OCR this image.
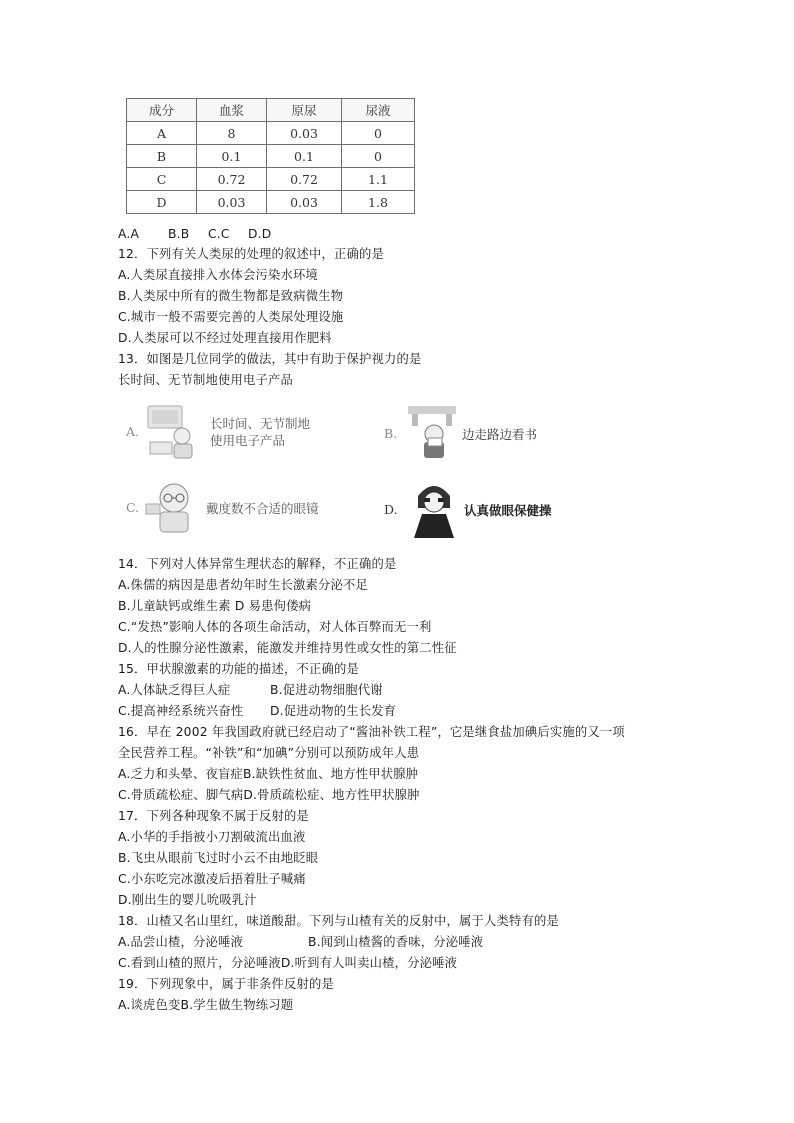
成分	血浆	原尿	尿液
A	8	0.03	0
B	0.1	0.1	0
C	0.72	0.72	1.1
D	0.03	0.03	1.8
A.A B.B C.C D.D
12．下列有关人类尿的处理的叙述中，正确的是
A.人类尿直接排入水体会污染水环境
B.人类尿中所有的微生物都是致病微生物
C.城市一般不需要完善的人类尿处理设施
D.人类尿可以不经过处理直接用作肥料
13．如图是几位同学的做法，其中有助于保护视力的是
长时间、无节制地使用电子产品
A.
长时间、无节制地
使用电子产品	B.	边走路边看书
C.	戴度数不合适的眼镜	D.	认真做眼保健操
14．下列对人体异常生理状态的解释，不正确的是
A.侏儒的病因是患者幼年时生长激素分泌不足
B.儿童缺钙或维生素 D 易患佝偻病
C.“发热”影响人体的各项生命活动，对人体百弊而无一利
D.人的性腺分泌性激素，能激发并维持男性或女性的第二性征
15．甲状腺激素的功能的描述，不正确的是
A.人体缺乏得巨人症	B.促进动物细胞代谢
C.提高神经系统兴奋性 D.促进动物的生长发育
16．早在 2002 年我国政府就已经启动了“酱油补铁工程”，它是继食盐加碘后实施的又一项
全民营养工程。“补铁”和“加碘”分别可以预防成年人患
A.乏力和头晕、夜盲症B.缺铁性贫血、地方性甲状腺肿
C.骨质疏松症、脚气病D.骨质疏松症、地方性甲状腺肿
17．下列各种现象不属于反射的是
A.小华的手指被小刀割破流出血液
B.飞虫从眼前飞过时小云不由地眨眼
C.小东吃完冰激凌后捂着肚子喊痛
D.刚出生的婴儿吮吸乳汁
18．山楂又名山里红，味道酸甜。下列与山楂有关的反射中，属于人类特有的是
A.品尝山楂，分泌唾液	B.闻到山楂酱的香味，分泌唾液
C.看到山楂的照片，分泌唾液D.听到有人叫卖山楂，分泌唾液
19．下列现象中，属于非条件反射的是
A.谈虎色变B.学生做生物练习题
